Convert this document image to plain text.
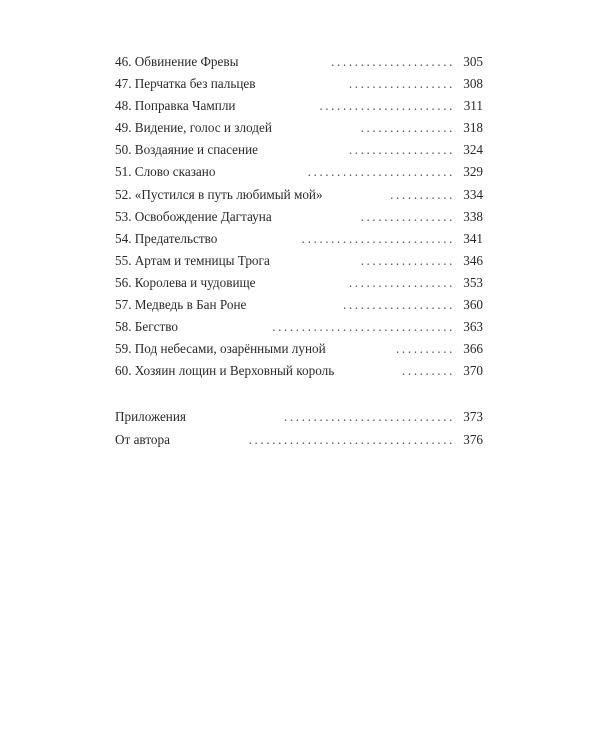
.....................
46. Обвинение Фревы	305
..................
47. Перчатка без пальцев	308
.......................
48. Поправка Чампли	311
................
49. Видение, голос и злодей	318
..................
50. Воздаяние и спасение	324
.........................
51. Слово сказано	329
...........
52. «Пустился в путь любимый мой»	334
................
53. Освобождение Дагтауна	338
..........................
54. Предательство	341
................
55. Артам и темницы Трога	346
..................
56. Королева и чудовище	353
...................
57. Медведь в Бан Роне	360
...............................
58. Бегство	363
..........
59. Под небесами, озарёнными луной	366
.........
60. Хозяин лощин и Верховный король	370
.............................
Приложения	373
...................................
От автора	376
